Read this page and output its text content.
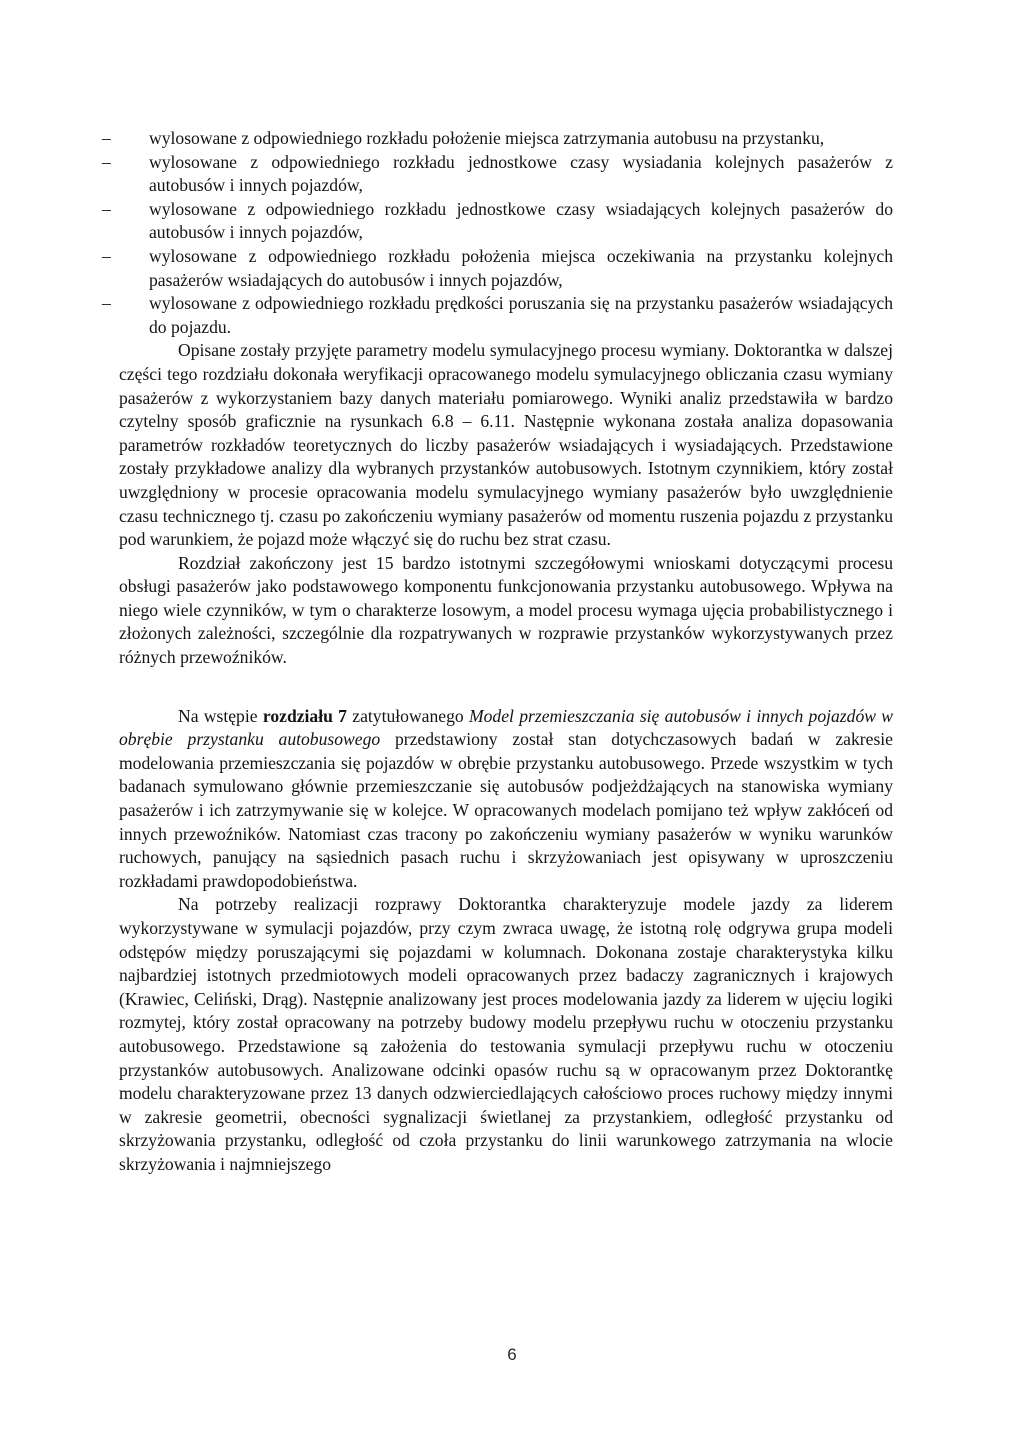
– wylosowane z odpowiedniego rozkładu położenie miejsca zatrzymania autobusu na przystanku,
– wylosowane z odpowiedniego rozkładu jednostkowe czasy wysiadania kolejnych pasażerów z autobusów i innych pojazdów,
– wylosowane z odpowiedniego rozkładu jednostkowe czasy wsiadających kolejnych pasażerów do autobusów i innych pojazdów,
– wylosowane z odpowiedniego rozkładu położenia miejsca oczekiwania na przystanku kolejnych pasażerów wsiadających do autobusów i innych pojazdów,
– wylosowane z odpowiedniego rozkładu prędkości poruszania się na przystanku pasażerów wsiadających do pojazdu.

Opisane zostały przyjęte parametry modelu symulacyjnego procesu wymiany. Doktorantka w dalszej części tego rozdziału dokonała weryfikacji opracowanego modelu symulacyjnego obliczania czasu wymiany pasażerów z wykorzystaniem bazy danych materiału pomiarowego. Wyniki analiz przedstawiła w bardzo czytelny sposób graficznie na rysunkach 6.8 – 6.11. Następnie wykonana została analiza dopasowania parametrów rozkładów teoretycznych do liczby pasażerów wsiadających i wysiadających. Przedstawione zostały przykładowe analizy dla wybranych przystanków autobusowych. Istotnym czynnikiem, który został uwzględniony w procesie opracowania modelu symulacyjnego wymiany pasażerów było uwzględnienie czasu technicznego tj. czasu po zakończeniu wymiany pasażerów od momentu ruszenia pojazdu z przystanku pod warunkiem, że pojazd może włączyć się do ruchu bez strat czasu.

Rozdział zakończony jest 15 bardzo istotnymi szczegółowymi wnioskami dotyczącymi procesu obsługi pasażerów jako podstawowego komponentu funkcjonowania przystanku autobusowego. Wpływa na niego wiele czynników, w tym o charakterze losowym, a model procesu wymaga ujęcia probabilistycznego i złożonych zależności, szczególnie dla rozpatrywanych w rozprawie przystanków wykorzystywanych przez różnych przewoźników.

Na wstępie rozdziału 7 zatytułowanego Model przemieszczania się autobusów i innych pojazdów w obrębie przystanku autobusowego przedstawiony został stan dotychczasowych badań w zakresie modelowania przemieszczania się pojazdów w obrębie przystanku autobusowego. Przede wszystkim w tych badanach symulowano głównie przemieszczanie się autobusów podjeżdżających na stanowiska wymiany pasażerów i ich zatrzymywanie się w kolejce. W opracowanych modelach pomijano też wpływ zakłóceń od innych przewoźników. Natomiast czas tracony po zakończeniu wymiany pasażerów w wyniku warunków ruchowych, panujący na sąsiednich pasach ruchu i skrzyżowaniach jest opisywany w uproszczeniu rozkładami prawdopodobieństwa.

Na potrzeby realizacji rozprawy Doktorantka charakteryzuje modele jazdy za liderem wykorzystywane w symulacji pojazdów, przy czym zwraca uwagę, że istotną rolę odgrywa grupa modeli odstępów między poruszającymi się pojazdami w kolumnach. Dokonana zostaje charakterystyka kilku najbardziej istotnych przedmiotowych modeli opracowanych przez badaczy zagranicznych i krajowych (Krawiec, Celiński, Drąg). Następnie analizowany jest proces modelowania jazdy za liderem w ujęciu logiki rozmytej, który został opracowany na potrzeby budowy modelu przepływu ruchu w otoczeniu przystanku autobusowego. Przedstawione są założenia do testowania symulacji przepływu ruchu w otoczeniu przystanków autobusowych. Analizowane odcinki opasów ruchu są w opracowanym przez Doktorantkę modelu charakteryzowane przez 13 danych odzwierciedlających całościowo proces ruchowy między innymi w zakresie geometrii, obecności sygnalizacji świetlanej za przystankiem, odległość przystanku od skrzyżowania przystanku, odległość od czoła przystanku do linii warunkowego zatrzymania na wlocie skrzyżowania i najmniejszego

6
